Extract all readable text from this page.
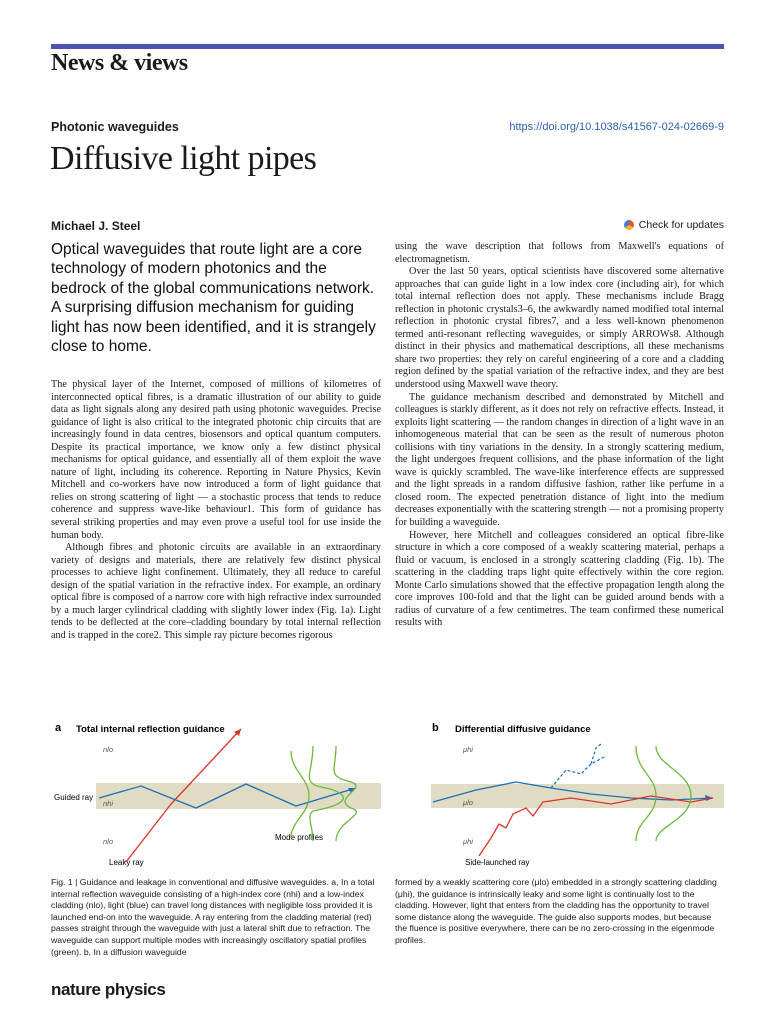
News & views
Photonic waveguides	https://doi.org/10.1038/s41567-024-02669-9
Diffusive light pipes
Michael J. Steel	Check for updates
Optical waveguides that route light are a core technology of modern photonics and the bedrock of the global communications network. A surprising diffusion mechanism for guiding light has now been identified, and it is strangely close to home.

The physical layer of the Internet, composed of millions of kilometres of interconnected optical fibres, is a dramatic illustration of our ability to guide data as light signals along any desired path using photonic waveguides. Precise guidance of light is also critical to the integrated photonic chip circuits that are increasingly found in data centres, biosensors and optical quantum computers. Despite its practical importance, we know only a few distinct physical mechanisms for optical guidance, and essentially all of them exploit the wave nature of light, including its coherence. Reporting in Nature Physics, Kevin Mitchell and co-workers have now introduced a form of light guidance that relies on strong scattering of light — a stochastic process that tends to reduce coherence and suppress wave-like behaviour1. This form of guidance has several striking properties and may even prove a useful tool for use inside the human body.

Although fibres and photonic circuits are available in an extraordinary variety of designs and materials, there are relatively few distinct physical processes to achieve light confinement. Ultimately, they all reduce to careful design of the spatial variation in the refractive index. For example, an ordinary optical fibre is composed of a narrow core with high refractive index surrounded by a much larger cylindrical cladding with slightly lower index (Fig. 1a). Light tends to be deflected at the core–cladding boundary by total internal reflection and is trapped in the core2. This simple ray picture becomes rigorous

using the wave description that follows from Maxwell's equations of electromagnetism.

Over the last 50 years, optical scientists have discovered some alternative approaches that can guide light in a low index core (including air), for which total internal reflection does not apply. These mechanisms include Bragg reflection in photonic crystals3–6, the awkwardly named modified total internal reflection in photonic crystal fibres7, and a less well-known phenomenon termed anti-resonant reflecting waveguides, or simply ARROWs8. Although distinct in their physics and mathematical descriptions, all these mechanisms share two properties: they rely on careful engineering of a core and a cladding region defined by the spatial variation of the refractive index, and they are best understood using Maxwell wave theory.

The guidance mechanism described and demonstrated by Mitchell and colleagues is starkly different, as it does not rely on refractive effects. Instead, it exploits light scattering — the random changes in direction of a light wave in an inhomogeneous material that can be seen as the result of numerous photon collisions with tiny variations in the density. In a strongly scattering medium, the light undergoes frequent collisions, and the phase information of the light wave is quickly scrambled. The wave-like interference effects are suppressed and the light spreads in a random diffusive fashion, rather like perfume in a closed room. The expected penetration distance of light into the medium decreases exponentially with the scattering strength — not a promising property for building a waveguide.

However, here Mitchell and colleagues considered an optical fibre-like structure in which a core composed of a weakly scattering material, perhaps a fluid or vacuum, is enclosed in a strongly scattering cladding (Fig. 1b). The scattering in the cladding traps light quite effectively within the core region. Monte Carlo simulations showed that the effective propagation length along the core improves 100-fold and that the light can be guided around bends with a radius of curvature of a few centimetres. The team confirmed these numerical results with

a Total internal reflection guidance
nlo
nhi
nlo
Guided ray
Mode profiles
Leaky ray
b Differential diffusive guidance
μhi
μlo
μhi
Side-launched ray
Fig. 1 | Guidance and leakage in conventional and diffusive waveguides. a, In a total internal reflection waveguide consisting of a high-index core (nhi) and a low-index cladding (nlo), light (blue) can travel long distances with negligible loss provided it is launched end-on into the waveguide. A ray entering from the cladding material (red) passes straight through the waveguide with just a lateral shift due to refraction. The waveguide can support multiple modes with increasingly oscillatory spatial profiles (green). b, In a diffusion waveguide
formed by a weakly scattering core (μlo) embedded in a strongly scattering cladding (μhi), the guidance is intrinsically leaky and some light is continually lost to the cladding. However, light that enters from the cladding has the opportunity to travel some distance along the waveguide. The guide also supports modes, but because the fluence is positive everywhere, there can be no zero-crossing in the eigenmode profiles.
nature physics
